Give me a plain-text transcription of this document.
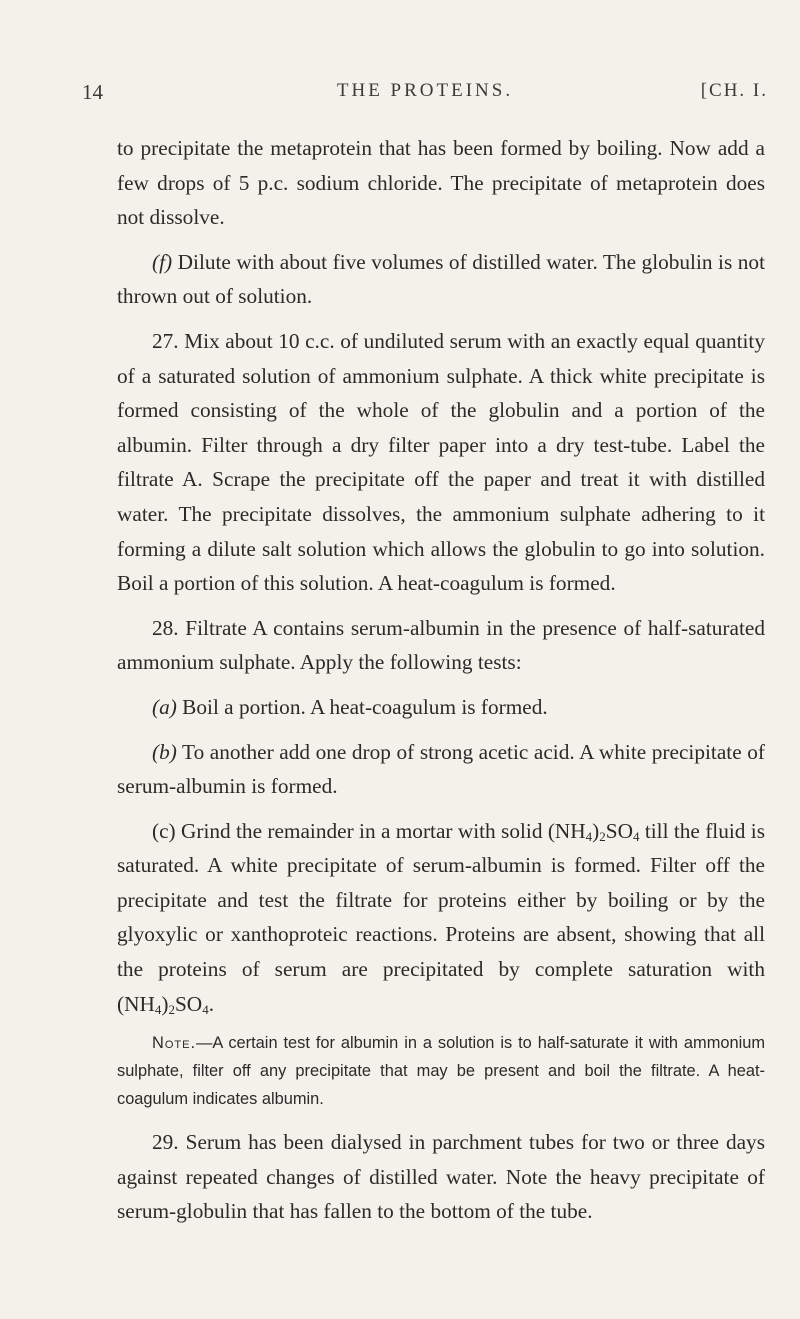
14	THE PROTEINS.	[CH. I.

to precipitate the metaprotein that has been formed by boiling. Now add a few drops of 5 p.c. sodium chloride. The precipitate of metaprotein does not dissolve.

(f) Dilute with about five volumes of distilled water. The globulin is not thrown out of solution.

27. Mix about 10 c.c. of undiluted serum with an exactly equal quantity of a saturated solution of ammonium sulphate. A thick white precipitate is formed consisting of the whole of the globulin and a portion of the albumin. Filter through a dry filter paper into a dry test-tube. Label the filtrate A. Scrape the precipitate off the paper and treat it with distilled water. The precipitate dissolves, the ammonium sulphate adhering to it forming a dilute salt solution which allows the globulin to go into solution. Boil a portion of this solution. A heat-coagulum is formed.

28. Filtrate A contains serum-albumin in the presence of half-saturated ammonium sulphate. Apply the following tests:

(a) Boil a portion. A heat-coagulum is formed.

(b) To another add one drop of strong acetic acid. A white precipitate of serum-albumin is formed.

(c) Grind the remainder in a mortar with solid $(NH_4)_2SO_4$ till the fluid is saturated. A white precipitate of serum-albumin is formed. Filter off the precipitate and test the filtrate for proteins either by boiling or by the glyoxylic or xanthoproteic reactions. Proteins are absent, showing that all the proteins of serum are precipitated by complete saturation with $(NH_4)_2SO_4$.

Note.—A certain test for albumin in a solution is to half-saturate it with ammonium sulphate, filter off any precipitate that may be present and boil the filtrate. A heat-coagulum indicates albumin.

29. Serum has been dialysed in parchment tubes for two or three days against repeated changes of distilled water. Note the heavy precipitate of serum-globulin that has fallen to the bottom of the tube.
